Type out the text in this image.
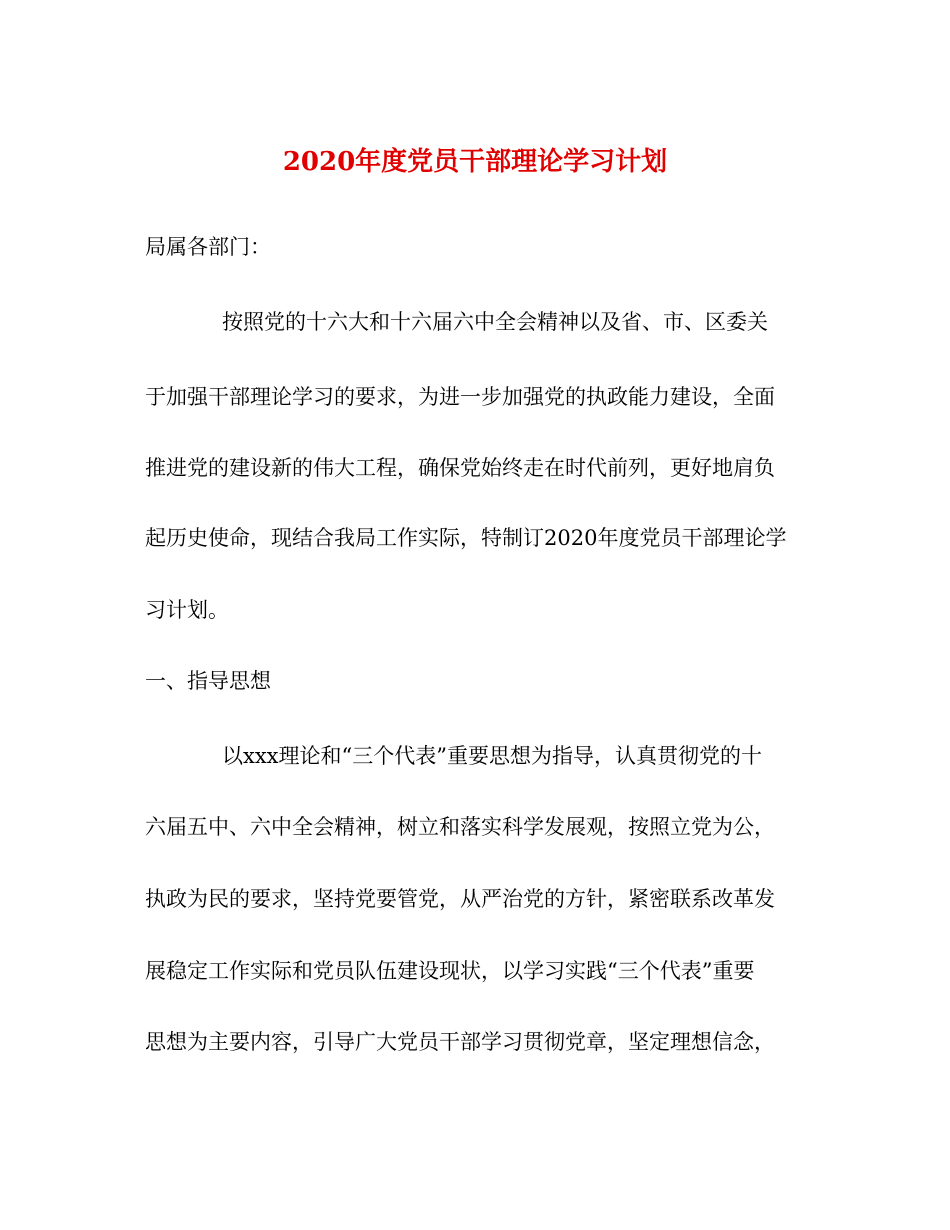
2020年度党员干部理论学习计划
局属各部门：
按照党的十六大和十六届六中全会精神以及省、市、区委关
于加强干部理论学习的要求，为进一步加强党的执政能力建设，全面
推进党的建设新的伟大工程，确保党始终走在时代前列，更好地肩负
起历史使命，现结合我局工作实际，特制订2020年度党员干部理论学
习计划。
一、指导思想
以xxx理论和“三个代表”重要思想为指导，认真贯彻党的十
六届五中、六中全会精神，树立和落实科学发展观，按照立党为公，
执政为民的要求，坚持党要管党，从严治党的方针，紧密联系改革发
展稳定工作实际和党员队伍建设现状，以学习实践“三个代表”重要
思想为主要内容，引导广大党员干部学习贯彻党章，坚定理想信念，
